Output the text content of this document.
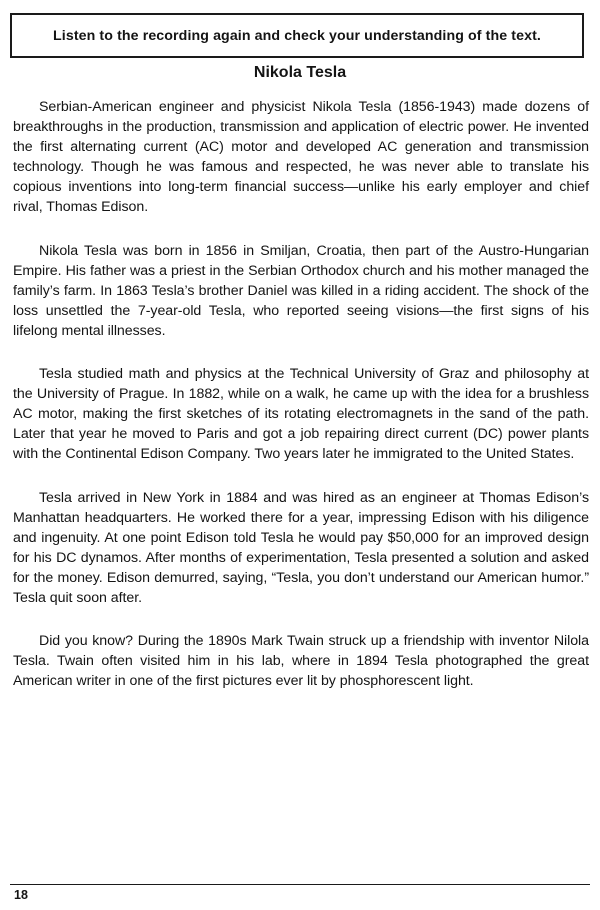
Listen to the recording again and check your understanding of the text.
Nikola Tesla

Serbian-American engineer and physicist Nikola Tesla (1856-1943) made dozens of breakthroughs in the production, transmission and application of electric power. He invented the first alternating current (AC) motor and developed AC generation and transmission technology. Though he was famous and respected, he was never able to translate his copious inventions into long-term financial success—unlike his early employer and chief rival, Thomas Edison.

Nikola Tesla was born in 1856 in Smiljan, Croatia, then part of the Austro-Hungarian Empire. His father was a priest in the Serbian Orthodox church and his mother managed the family’s farm. In 1863 Tesla’s brother Daniel was killed in a riding accident. The shock of the loss unsettled the 7-year-old Tesla, who reported seeing visions—the first signs of his lifelong mental illnesses.

Tesla studied math and physics at the Technical University of Graz and philosophy at the University of Prague. In 1882, while on a walk, he came up with the idea for a brushless AC motor, making the first sketches of its rotating electromagnets in the sand of the path. Later that year he moved to Paris and got a job repairing direct current (DC) power plants with the Continental Edison Company. Two years later he immigrated to the United States.

Tesla arrived in New York in 1884 and was hired as an engineer at Thomas Edison’s Manhattan headquarters. He worked there for a year, impressing Edison with his diligence and ingenuity. At one point Edison told Tesla he would pay $50,000 for an improved design for his DC dynamos. After months of experimentation, Tesla presented a solution and asked for the money. Edison demurred, saying, “Tesla, you don’t understand our American humor.” Tesla quit soon after.

Did you know? During the 1890s Mark Twain struck up a friendship with inventor Nilola Tesla. Twain often visited him in his lab, where in 1894 Tesla photographed the great American writer in one of the first pictures ever lit by phosphorescent light.

18
